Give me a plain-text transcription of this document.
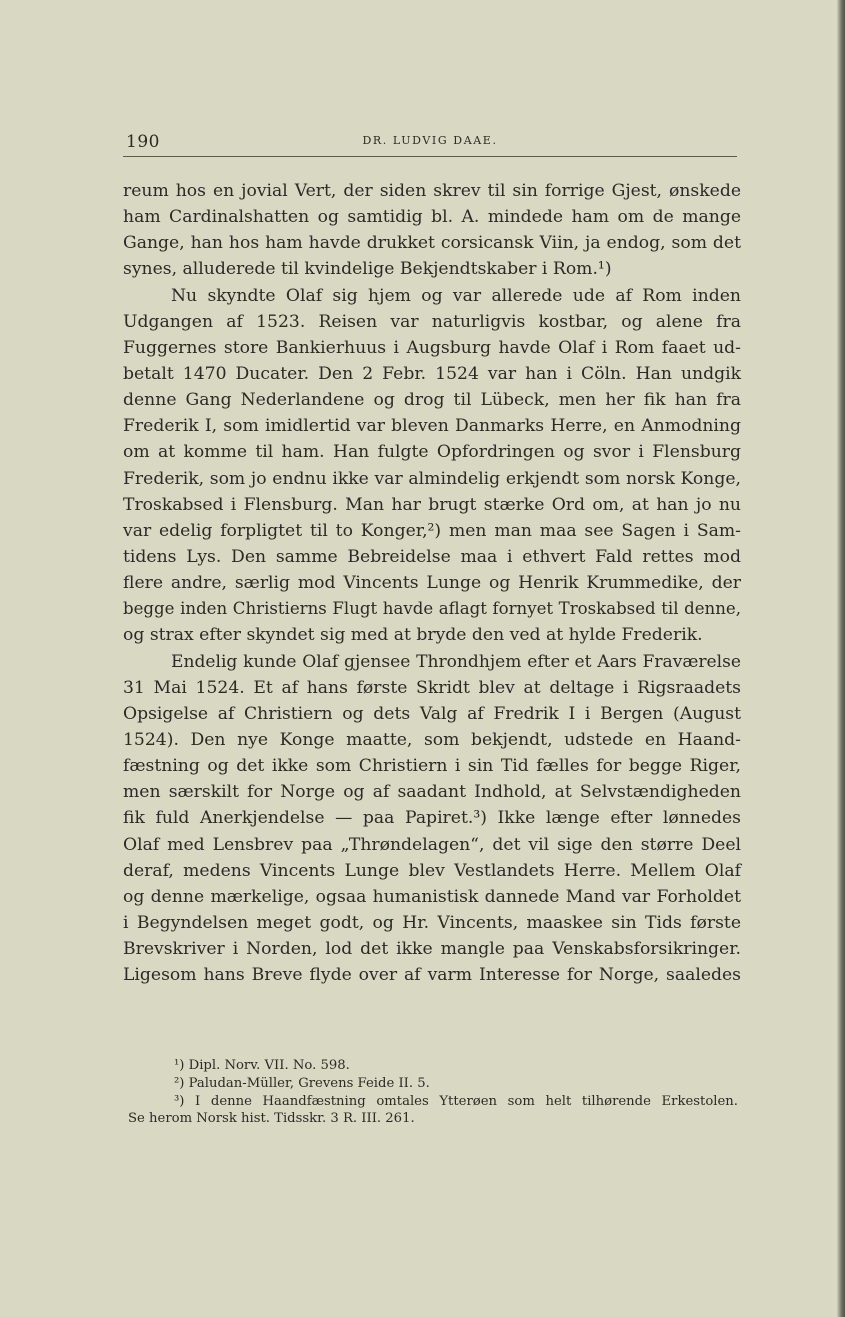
190	DR. LUDVIG DAAE.
reum hos en jovial Vert, der siden skrev til sin forrige Gjest, ønskede
ham Cardinalshatten og samtidig bl. A. mindede ham om de mange
Gange, han hos ham havde drukket corsicansk Viin, ja endog, som det
synes, alluderede til kvindelige Bekjendtskaber i Rom.¹)
Nu skyndte Olaf sig hjem og var allerede ude af Rom inden
Udgangen af 1523. Reisen var naturligvis kostbar, og alene fra
Fuggernes store Bankierhuus i Augsburg havde Olaf i Rom faaet ud-
betalt 1470 Ducater. Den 2 Febr. 1524 var han i Cöln. Han undgik
denne Gang Nederlandene og drog til Lübeck, men her fik han fra
Frederik I, som imidlertid var bleven Danmarks Herre, en Anmodning
om at komme til ham. Han fulgte Opfordringen og svor i Flensburg
Frederik, som jo endnu ikke var almindelig erkjendt som norsk Konge,
Troskabsed i Flensburg. Man har brugt stærke Ord om, at han jo nu
var edelig forpligtet til to Konger,²) men man maa see Sagen i Sam-
tidens Lys. Den samme Bebreidelse maa i ethvert Fald rettes mod
flere andre, særlig mod Vincents Lunge og Henrik Krummedike, der
begge inden Christierns Flugt havde aflagt fornyet Troskabsed til denne,
og strax efter skyndet sig med at bryde den ved at hylde Frederik.
Endelig kunde Olaf gjensee Throndhjem efter et Aars Fraværelse
31 Mai 1524. Et af hans første Skridt blev at deltage i Rigsraadets
Opsigelse af Christiern og dets Valg af Fredrik I i Bergen (August
1524). Den nye Konge maatte, som bekjendt, udstede en Haand-
fæstning og det ikke som Christiern i sin Tid fælles for begge Riger,
men særskilt for Norge og af saadant Indhold, at Selvstændigheden
fik fuld Anerkjendelse — paa Papiret.³) Ikke længe efter lønnedes
Olaf med Lensbrev paa „Thrøndelagen“, det vil sige den større Deel
deraf, medens Vincents Lunge blev Vestlandets Herre. Mellem Olaf
og denne mærkelige, ogsaa humanistisk dannede Mand var Forholdet
i Begyndelsen meget godt, og Hr. Vincents, maaskee sin Tids første
Brevskriver i Norden, lod det ikke mangle paa Venskabsforsikringer.
Ligesom hans Breve flyde over af varm Interesse for Norge, saaledes
¹) Dipl. Norv. VII. No. 598.
²) Paludan-Müller, Grevens Feide II. 5.
³) I denne Haandfæstning omtales Ytterøen som helt tilhørende Erkestolen.
Se herom Norsk hist. Tidsskr. 3 R. III. 261.
